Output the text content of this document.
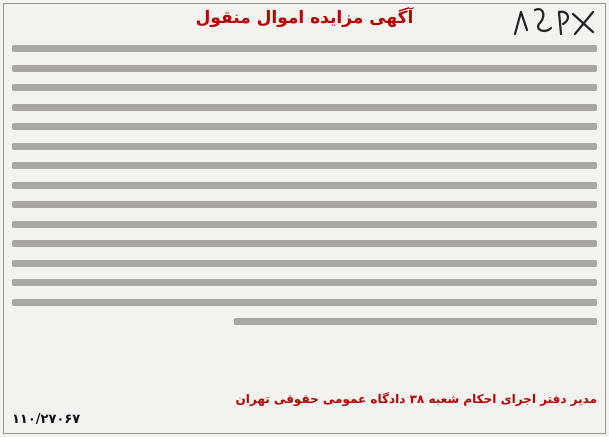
آگهی مزایده اموال منقول
مدیر دفتر اجرای احکام شعبه ۳۸ دادگاه عمومی حقوقی تهران
۱۱۰/۲۷۰۶۷
